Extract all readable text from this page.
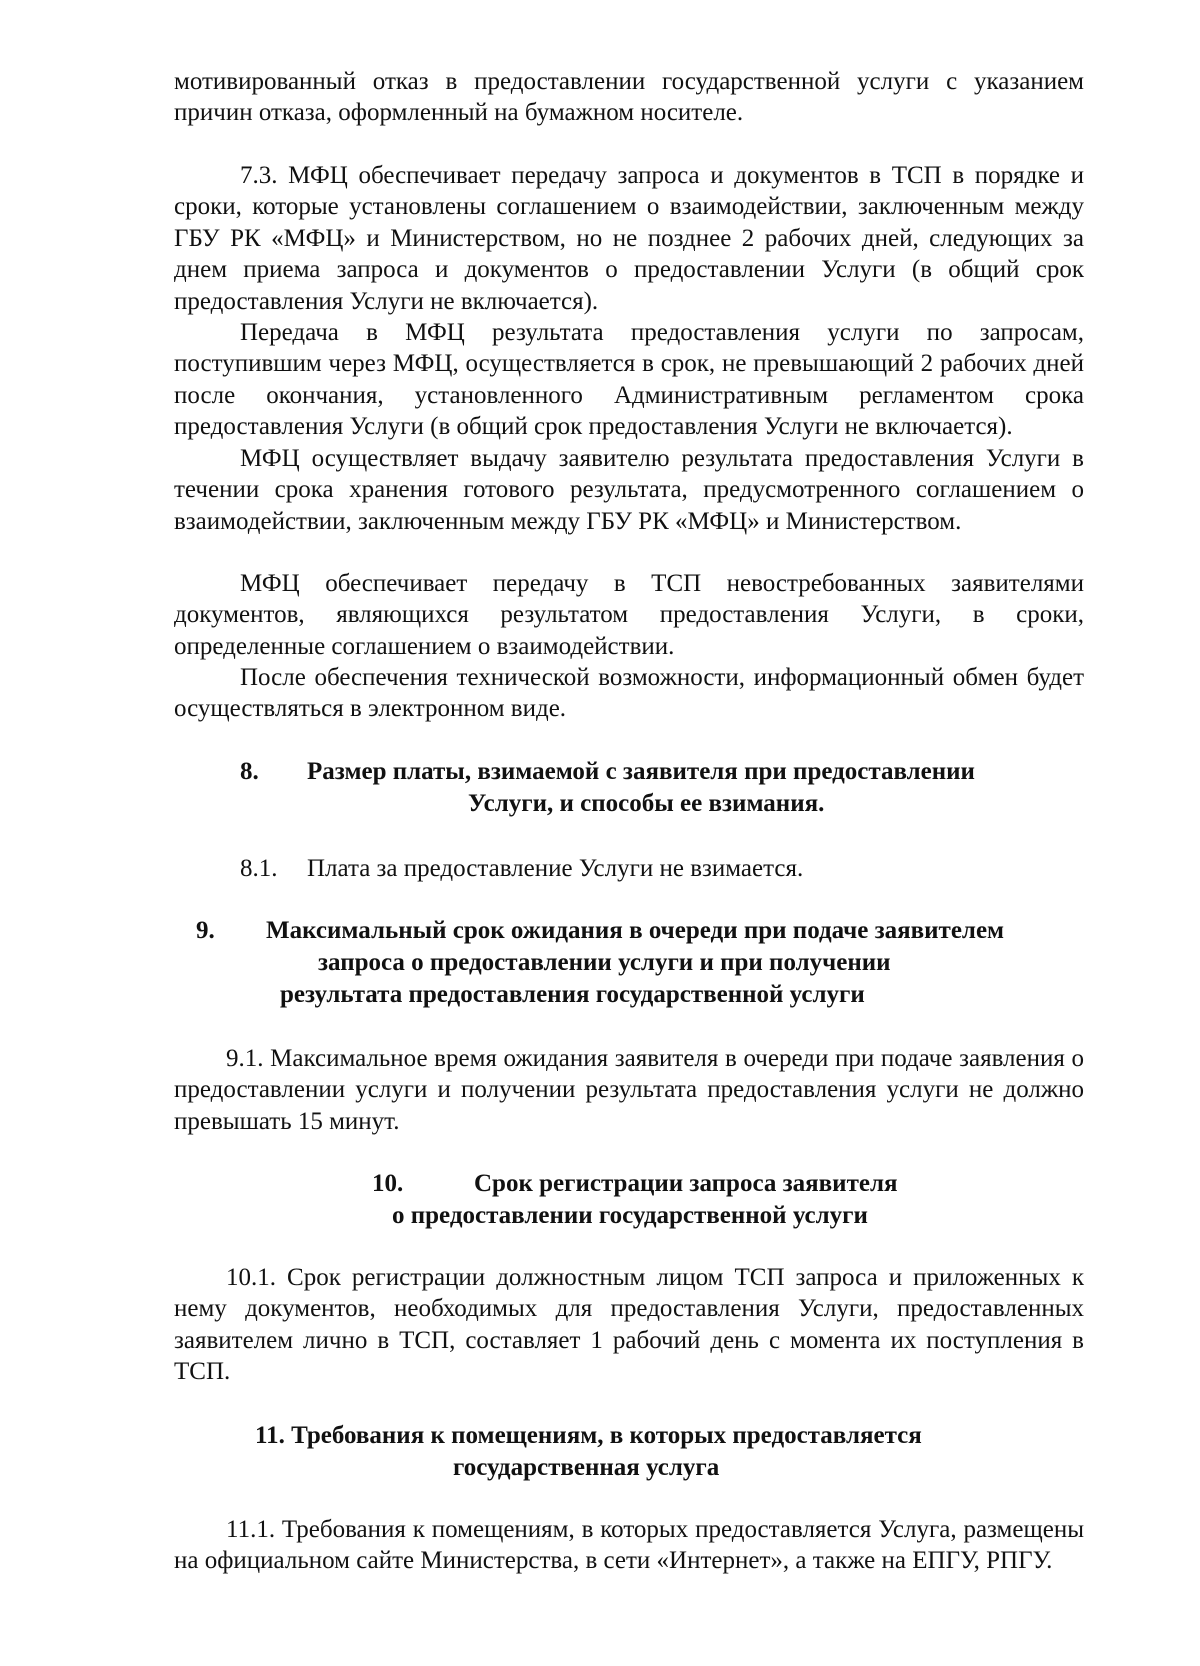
мотивированный отказ в предоставлении государственной услуги с указанием причин отказа, оформленный на бумажном носителе.

7.3. МФЦ обеспечивает передачу запроса и документов в ТСП в порядке и сроки, которые установлены соглашением о взаимодействии, заключенным между ГБУ РК «МФЦ» и Министерством, но не позднее 2 рабочих дней, следующих за днем приема запроса и документов о предоставлении Услуги (в общий срок предоставления Услуги не включается).

Передача в МФЦ результата предоставления услуги по запросам, поступившим через МФЦ, осуществляется в срок, не превышающий 2 рабочих дней после окончания, установленного Административным регламентом срока предоставления Услуги (в общий срок предоставления Услуги не включается).

МФЦ осуществляет выдачу заявителю результата предоставления Услуги в течении срока хранения готового результата, предусмотренного соглашением о взаимодействии, заключенным между ГБУ РК «МФЦ» и Министерством.

МФЦ обеспечивает передачу в ТСП невостребованных заявителями документов, являющихся результатом предоставления Услуги, в сроки, определенные соглашением о взаимодействии.

После обеспечения технической возможности, информационный обмен будет осуществляться в электронном виде.

8. Размер платы, взимаемой с заявителя при предоставлении
Услуги, и способы ее взимания.
8.1. Плата за предоставление Услуги не взимается.
9. Максимальный срок ожидания в очереди при подаче заявителем
запроса о предоставлении услуги и при получении
результата предоставления государственной услуги

9.1. Максимальное время ожидания заявителя в очереди при подаче заявления о предоставлении услуги и получении результата предоставления услуги не должно превышать 15 минут.

10.	Срок регистрации запроса заявителя
о предоставлении государственной услуги

10.1. Срок регистрации должностным лицом ТСП запроса и приложенных к нему документов, необходимых для предоставления Услуги, предоставленных заявителем лично в ТСП, составляет 1 рабочий день с момента их поступления в ТСП.

11. Требования к помещениям, в которых предоставляется
государственная услуга

11.1. Требования к помещениям, в которых предоставляется Услуга, размещены на официальном сайте Министерства, в сети «Интернет», а также на ЕПГУ, РПГУ.
